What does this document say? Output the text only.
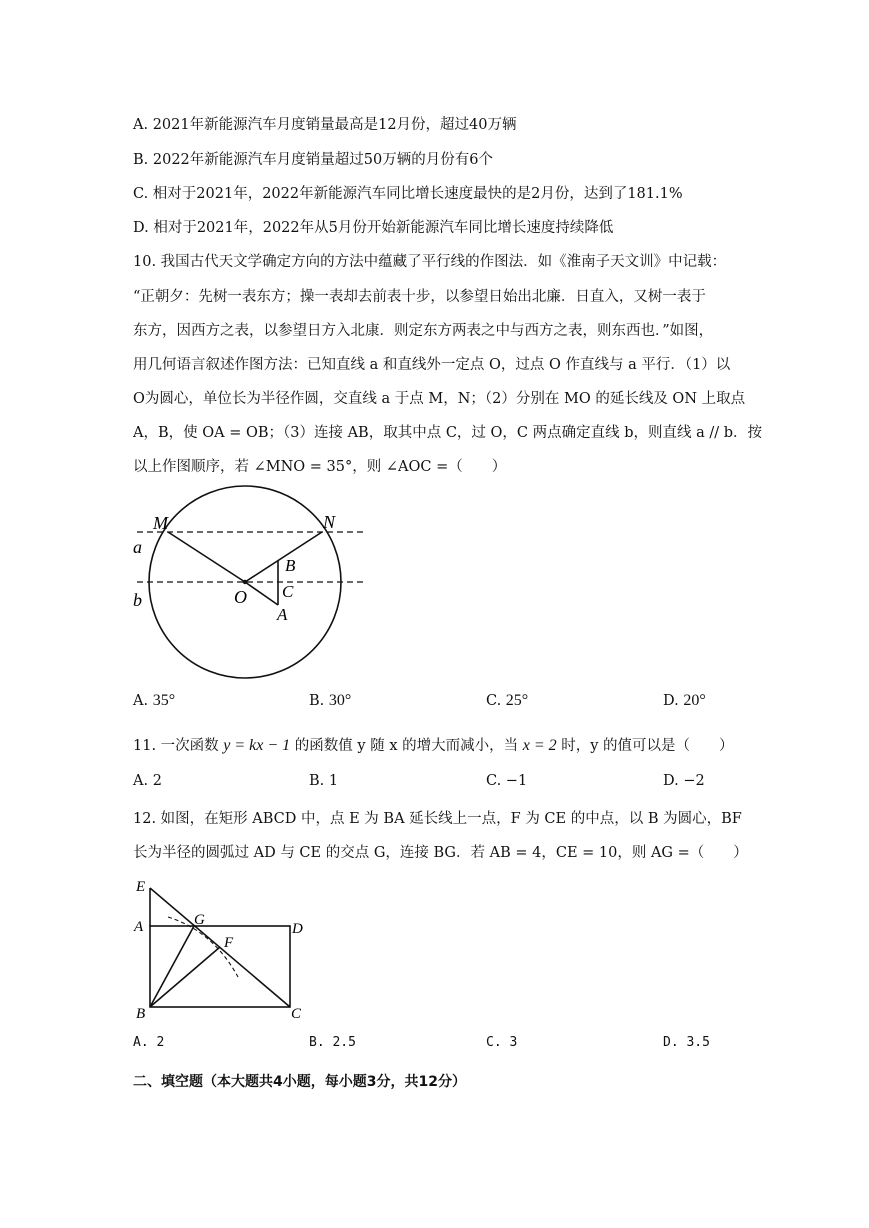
A. 2021年新能源汽车月度销量最高是12月份，超过40万辆
B. 2022年新能源汽车月度销量超过50万辆的月份有6个
C. 相对于2021年，2022年新能源汽车同比增长速度最快的是2月份，达到了181.1%
D. 相对于2021年，2022年从5月份开始新能源汽车同比增长速度持续降低
10. 我国古代天文学确定方向的方法中蕴藏了平行线的作图法．如《淮南子天文训》中记载：
“正朝夕：先树一表东方；操一表却去前表十步，以参望日始出北廉．日直入，又树一表于
东方，因西方之表，以参望日方入北康．则定东方两表之中与西方之表，则东西也．”如图，
用几何语言叙述作图方法：已知直线 a 和直线外一定点 O，过点 O 作直线与 a 平行．（1）以
O为圆心，单位长为半径作圆，交直线 a 于点 M，N；（2）分别在 MO 的延长线及 ON 上取点
A，B，使 OA = OB；（3）连接 AB，取其中点 C，过 O，C 两点确定直线 b，则直线 a // b．按
以上作图顺序，若 ∠MNO = 35°，则 ∠AOC =（　　）
M	N
a
b	O
B
C
A
A. 35°	B. 30°	C. 25°	D. 20°
11. 一次函数 y = kx − 1 的函数值 y 随 x 的增大而减小，当 x = 2 时，y 的值可以是（　　）
A. 2	B. 1	C. −1	D. −2
12. 如图，在矩形 ABCD 中，点 E 为 BA 延长线上一点，F 为 CE 的中点，以 B 为圆心，BF
长为半径的圆弧过 AD 与 CE 的交点 G，连接 BG．若 AB = 4，CE = 10，则 AG =（　　）
E
A	G
D
F
B	C
A. 2	B. 2.5	C. 3	D. 3.5
二、填空题（本大题共4小题，每小题3分，共12分）
